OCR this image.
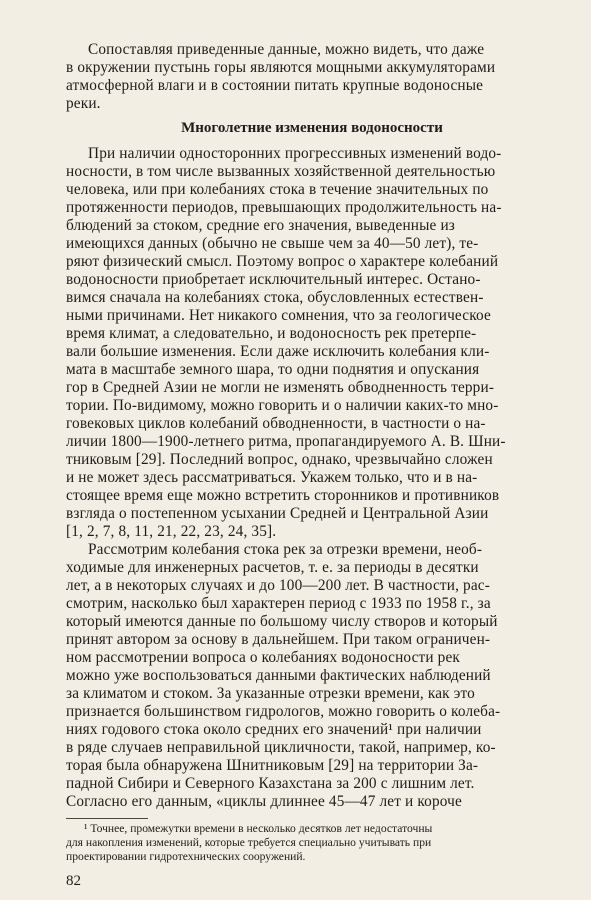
Сопоставляя приведенные данные, можно видеть, что даже
в окружении пустынь горы являются мощными аккумуляторами
атмосферной влаги и в состоянии питать крупные водоносные
реки.
Многолетние изменения водоносности
При наличии односторонних прогрессивных изменений водо-
носности, в том числе вызванных хозяйственной деятельностью
человека, или при колебаниях стока в течение значительных по
протяженности периодов, превышающих продолжительность на-
блюдений за стоком, средние его значения, выведенные из
имеющихся данных (обычно не свыше чем за 40—50 лет), те-
ряют физический смысл. Поэтому вопрос о характере колебаний
водоносности приобретает исключительный интерес. Остано-
вимся сначала на колебаниях стока, обусловленных естествен-
ными причинами. Нет никакого сомнения, что за геологическое
время климат, а следовательно, и водоносность рек претерпе-
вали большие изменения. Если даже исключить колебания кли-
мата в масштабе земного шара, то одни поднятия и опускания
гор в Средней Азии не могли не изменять обводненность терри-
тории. По-видимому, можно говорить и о наличии каких-то мно-
говековых циклов колебаний обводненности, в частности о на-
личии 1800—1900-летнего ритма, пропагандируемого А. В. Шни-
тниковым [29]. Последний вопрос, однако, чрезвычайно сложен
и не может здесь рассматриваться. Укажем только, что и в на-
стоящее время еще можно встретить сторонников и противников
взгляда о постепенном усыхании Средней и Центральной Азии
[1, 2, 7, 8, 11, 21, 22, 23, 24, 35].
Рассмотрим колебания стока рек за отрезки времени, необ-
ходимые для инженерных расчетов, т. е. за периоды в десятки
лет, а в некоторых случаях и до 100—200 лет. В частности, рас-
смотрим, насколько был характерен период с 1933 по 1958 г., за
который имеются данные по большому числу створов и который
принят автором за основу в дальнейшем. При таком ограничен-
ном рассмотрении вопроса о колебаниях водоносности рек
можно уже воспользоваться данными фактических наблюдений
за климатом и стоком. За указанные отрезки времени, как это
признается большинством гидрологов, можно говорить о колеба-
ниях годового стока около средних его значений¹ при наличии
в ряде случаев неправильной цикличности, такой, например, ко-
торая была обнаружена Шнитниковым [29] на территории За-
падной Сибири и Северного Казахстана за 200 с лишним лет.
Согласно его данным, «циклы длиннее 45—47 лет и короче
¹ Точнее, промежутки времени в несколько десятков лет недостаточны
для накопления изменений, которые требуется специально учитывать при
проектировании гидротехнических сооружений.
82
